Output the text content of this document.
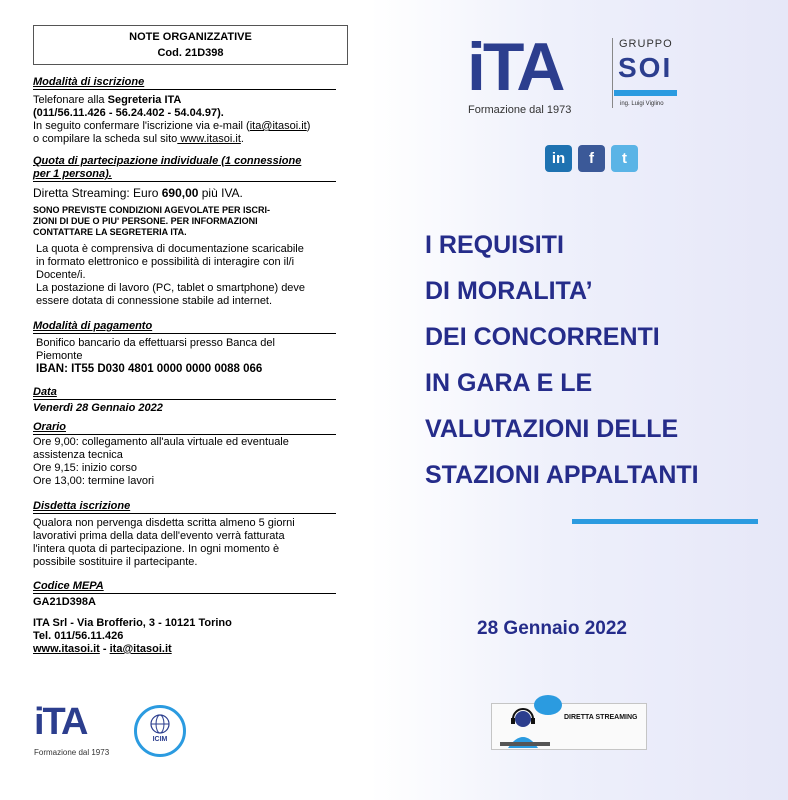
NOTE ORGANIZZATIVE
Cod. 21D398
Modalità di iscrizione
Telefonare alla Segreteria ITA
(011/56.11.426 - 56.24.402 - 54.04.97).
In seguito confermare l'iscrizione via e-mail (ita@itasoi.it)
o compilare la scheda sul sito www.itasoi.it.
Quota di partecipazione individuale (1 connessione
per 1 persona).
Diretta Streaming: Euro 690,00 più IVA.
SONO PREVISTE CONDIZIONI AGEVOLATE PER ISCRI-
ZIONI DI DUE O PIU' PERSONE. PER INFORMAZIONI
CONTATTARE LA SEGRETERIA ITA.
La quota è comprensiva di documentazione scaricabile
in formato elettronico e possibilità di interagire con il/i
Docente/i.
La postazione di lavoro (PC, tablet o smartphone) deve
essere dotata di connessione stabile ad internet.
Modalità di pagamento
Bonifico bancario da effettuarsi presso Banca del
Piemonte
IBAN: IT55 D030 4801 0000 0000 0088 066
Data
Venerdì 28 Gennaio 2022
Orario
Ore 9,00: collegamento all'aula virtuale ed eventuale
assistenza tecnica
Ore 9,15: inizio corso
Ore 13,00: termine lavori
Disdetta iscrizione
Qualora non pervenga disdetta scritta almeno 5 giorni
lavorativi prima della data dell'evento verrà fatturata
l'intera quota di partecipazione. In ogni momento è
possibile sostituire il partecipante.
Codice MEPA
GA21D398A
ITA Srl - Via Brofferio, 3 - 10121 Torino
Tel. 011/56.11.426
www.itasoi.it - ita@itasoi.it
iTA
Formazione dal 1973
ICIM
iTA
Formazione dal 1973
GRUPPO
SOI
ing. Luigi Viglino
in	f	t
I REQUISITI
DI MORALITA’
DEI CONCORRENTI
IN GARA E LE
VALUTAZIONI DELLE
STAZIONI APPALTANTI
28 Gennaio 2022
DIRETTA STREAMING
